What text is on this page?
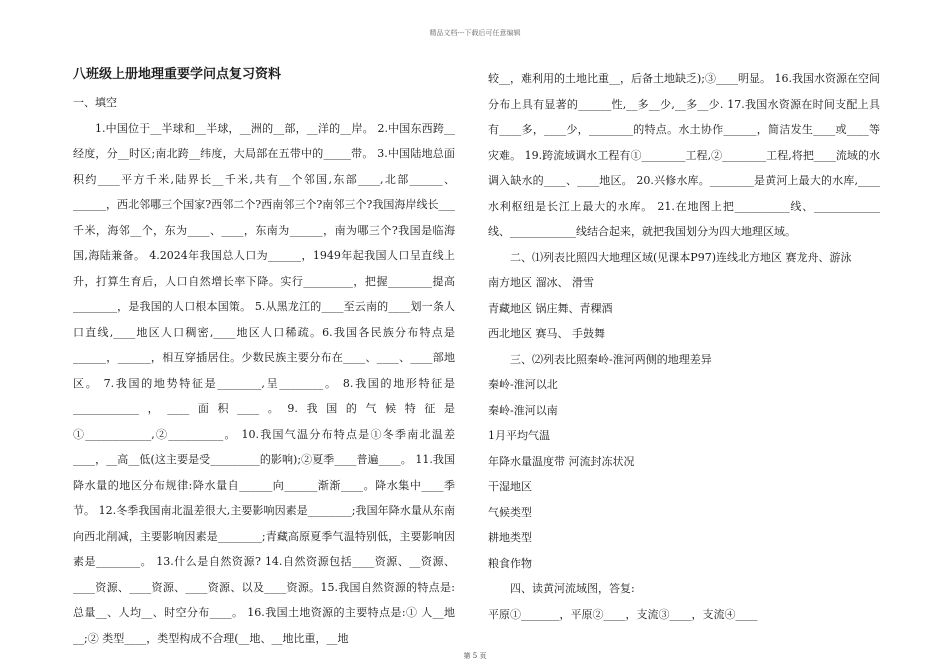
精品文档---下载后可任意编辑
八班级上册地理重要学问点复习资料
一、填空
1.中国位于__半球和__半球，__洲的__部，__洋的__岸。 2.中国东西跨__经度，分__时区;南北跨__纬度，大局部在五带中的_____带。 3.中国陆地总面积约____平方千米,陆界长__千米,共有__个邻国,东部____,北部______、______，西北邻哪三个国家?西邻二个?西南邻三个?南邻三个?我国海岸线长___千米，海邻__个，东为____、____，东南为______，南为哪三个?我国是临海国,海陆兼备。 4.2024年我国总人口为______，1949年起我国人口呈直线上升，打算生育后，人口自然增长率下降。实行_________，把握________提高________，是我国的人口根本国策。 5.从黑龙江的____至云南的____划一条人口直线,____地区人口稠密,____地区人口稀疏。6.我国各民族分布特点是______，______，相互穿插居住。少数民族主要分布在____、____、____部地区。 7.我国的地势特征是________,呈________。 8.我国的地形特征是____________，____面积____。9.我国的气候特征是①____________,②__________。 10.我国气温分布特点是①冬季南北温差____，__高__低(这主要是受_________的影响);②夏季____普遍____。 11.我国降水量的地区分布规律:降水量自______向______渐渐____。降水集中____季节。 12.冬季我国南北温差很大,主要影响因素是________;我国年降水量从东南向西北削减，主要影响因素是________;青藏高原夏季气温特别低，主要影响因素是________。 13.什么是自然资源? 14.自然资源包括____资源、__资源、____资源、____资源、____资源、以及____资源。15.我国自然资源的特点是:总量__、人均__、时空分布____。 16.我国土地资源的主要特点是:① 人__地__;② 类型____，类型构成不合理(__地、__地比重，__地
较__，难利用的土地比重__，后备土地缺乏);③____明显。 16.我国水资源在空间分布上具有显著的______性,__多__少,__多__少. 17.我国水资源在时间支配上具有____多，____少，________的特点。水土协作______，简洁发生____或____等灾难。 19.跨流域调水工程有①________工程,②________工程,将把____流域的水调入缺水的____、____地区。 20.兴修水库。________是黄河上最大的水库,____水利枢纽是长江上最大的水库。 21.在地图上把__________线、____________线、____________线结合起来，就把我国划分为四大地理区域。
二、⑴列表比照四大地理区域(见课本P97)连线北方地区 赛龙舟、游泳
南方地区 溜冰、 滑雪
青藏地区 锅庄舞、青稞酒
西北地区 赛马、 手鼓舞
三、⑵列表比照秦岭-淮河两侧的地理差异
秦岭-淮河以北
秦岭-淮河以南
1月平均气温
年降水量温度带 河流封冻状况
干湿地区
气候类型
耕地类型
粮食作物
四、读黄河流域图，答复:
平原①_______，平原②____，支流③____，支流④____
第 5 页
